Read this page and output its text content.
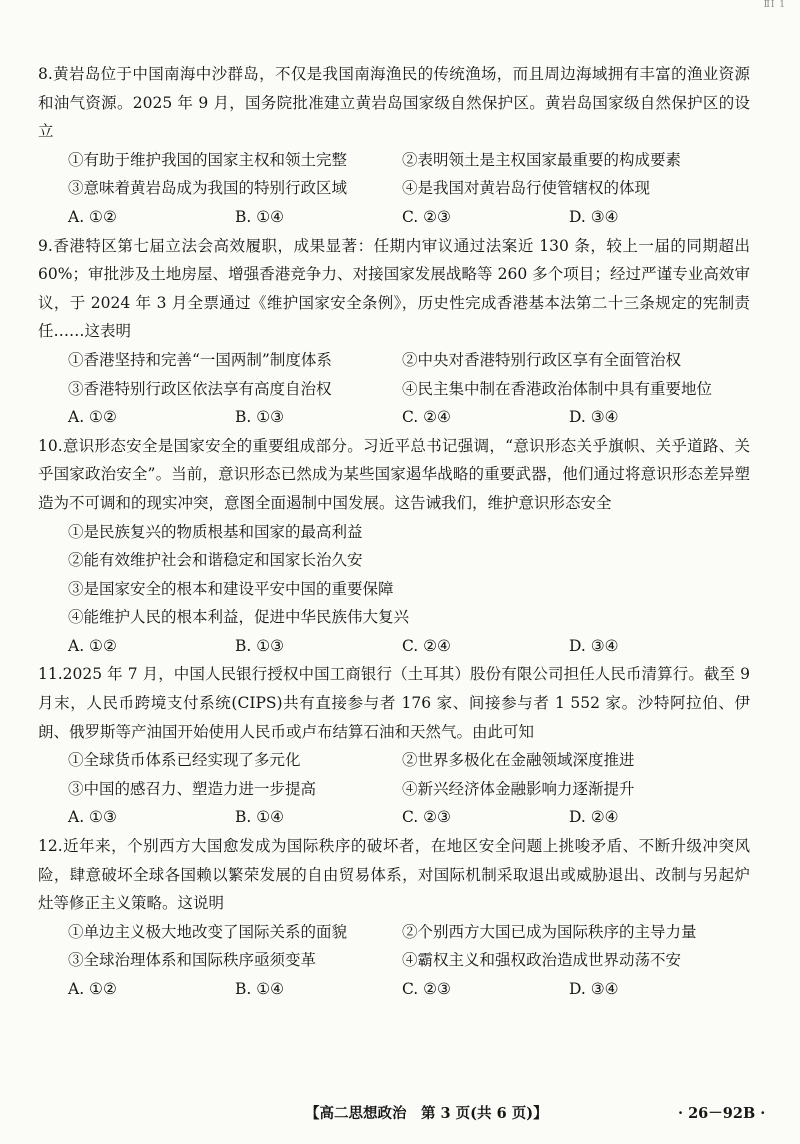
ⅡⅠ 1

8.黄岩岛位于中国南海中沙群岛，不仅是我国南海渔民的传统渔场，而且周边海域拥有丰富的渔业资源和油气资源。2025 年 9 月，国务院批准建立黄岩岛国家级自然保护区。黄岩岛国家级自然保护区的设立

①有助于维护我国的国家主权和领土完整	②表明领土是主权国家最重要的构成要素
③意味着黄岩岛成为我国的特别行政区域	④是我国对黄岩岛行使管辖权的体现
A. ①②	B. ①④	C. ②③	D. ③④

9.香港特区第七届立法会高效履职，成果显著：任期内审议通过法案近 130 条，较上一届的同期超出 60%；审批涉及土地房屋、增强香港竞争力、对接国家发展战略等 260 多个项目；经过严谨专业高效审议，于 2024 年 3 月全票通过《维护国家安全条例》，历史性完成香港基本法第二十三条规定的宪制责任……这表明

①香港坚持和完善“一国两制”制度体系	②中央对香港特别行政区享有全面管治权
③香港特别行政区依法享有高度自治权	④民主集中制在香港政治体制中具有重要地位
A. ①②	B. ①③	C. ②④	D. ③④

10.意识形态安全是国家安全的重要组成部分。习近平总书记强调，“意识形态关乎旗帜、关乎道路、关乎国家政治安全”。当前，意识形态已然成为某些国家遏华战略的重要武器，他们通过将意识形态差异塑造为不可调和的现实冲突，意图全面遏制中国发展。这告诫我们，维护意识形态安全

①是民族复兴的物质根基和国家的最高利益
②能有效维护社会和谐稳定和国家长治久安
③是国家安全的根本和建设平安中国的重要保障
④能维护人民的根本利益，促进中华民族伟大复兴
A. ①②	B. ①③	C. ②④	D. ③④

11.2025 年 7 月，中国人民银行授权中国工商银行（土耳其）股份有限公司担任人民币清算行。截至 9 月末，人民币跨境支付系统(CIPS)共有直接参与者 176 家、间接参与者 1 552 家。沙特阿拉伯、伊朗、俄罗斯等产油国开始使用人民币或卢布结算石油和天然气。由此可知

①全球货币体系已经实现了多元化	②世界多极化在金融领域深度推进
③中国的感召力、塑造力进一步提高	④新兴经济体金融影响力逐渐提升
A. ①③	B. ①④	C. ②③	D. ②④

12.近年来，个别西方大国愈发成为国际秩序的破坏者，在地区安全问题上挑唆矛盾、不断升级冲突风险，肆意破坏全球各国赖以繁荣发展的自由贸易体系，对国际机制采取退出或威胁退出、改制与另起炉灶等修正主义策略。这说明

①单边主义极大地改变了国际关系的面貌	②个别西方大国已成为国际秩序的主导力量
③全球治理体系和国际秩序亟须变革	④霸权主义和强权政治造成世界动荡不安
A. ①②	B. ①④	C. ②③	D. ③④
【高二思想政治　第 3 页(共 6 页)】	· 26－92B ·
